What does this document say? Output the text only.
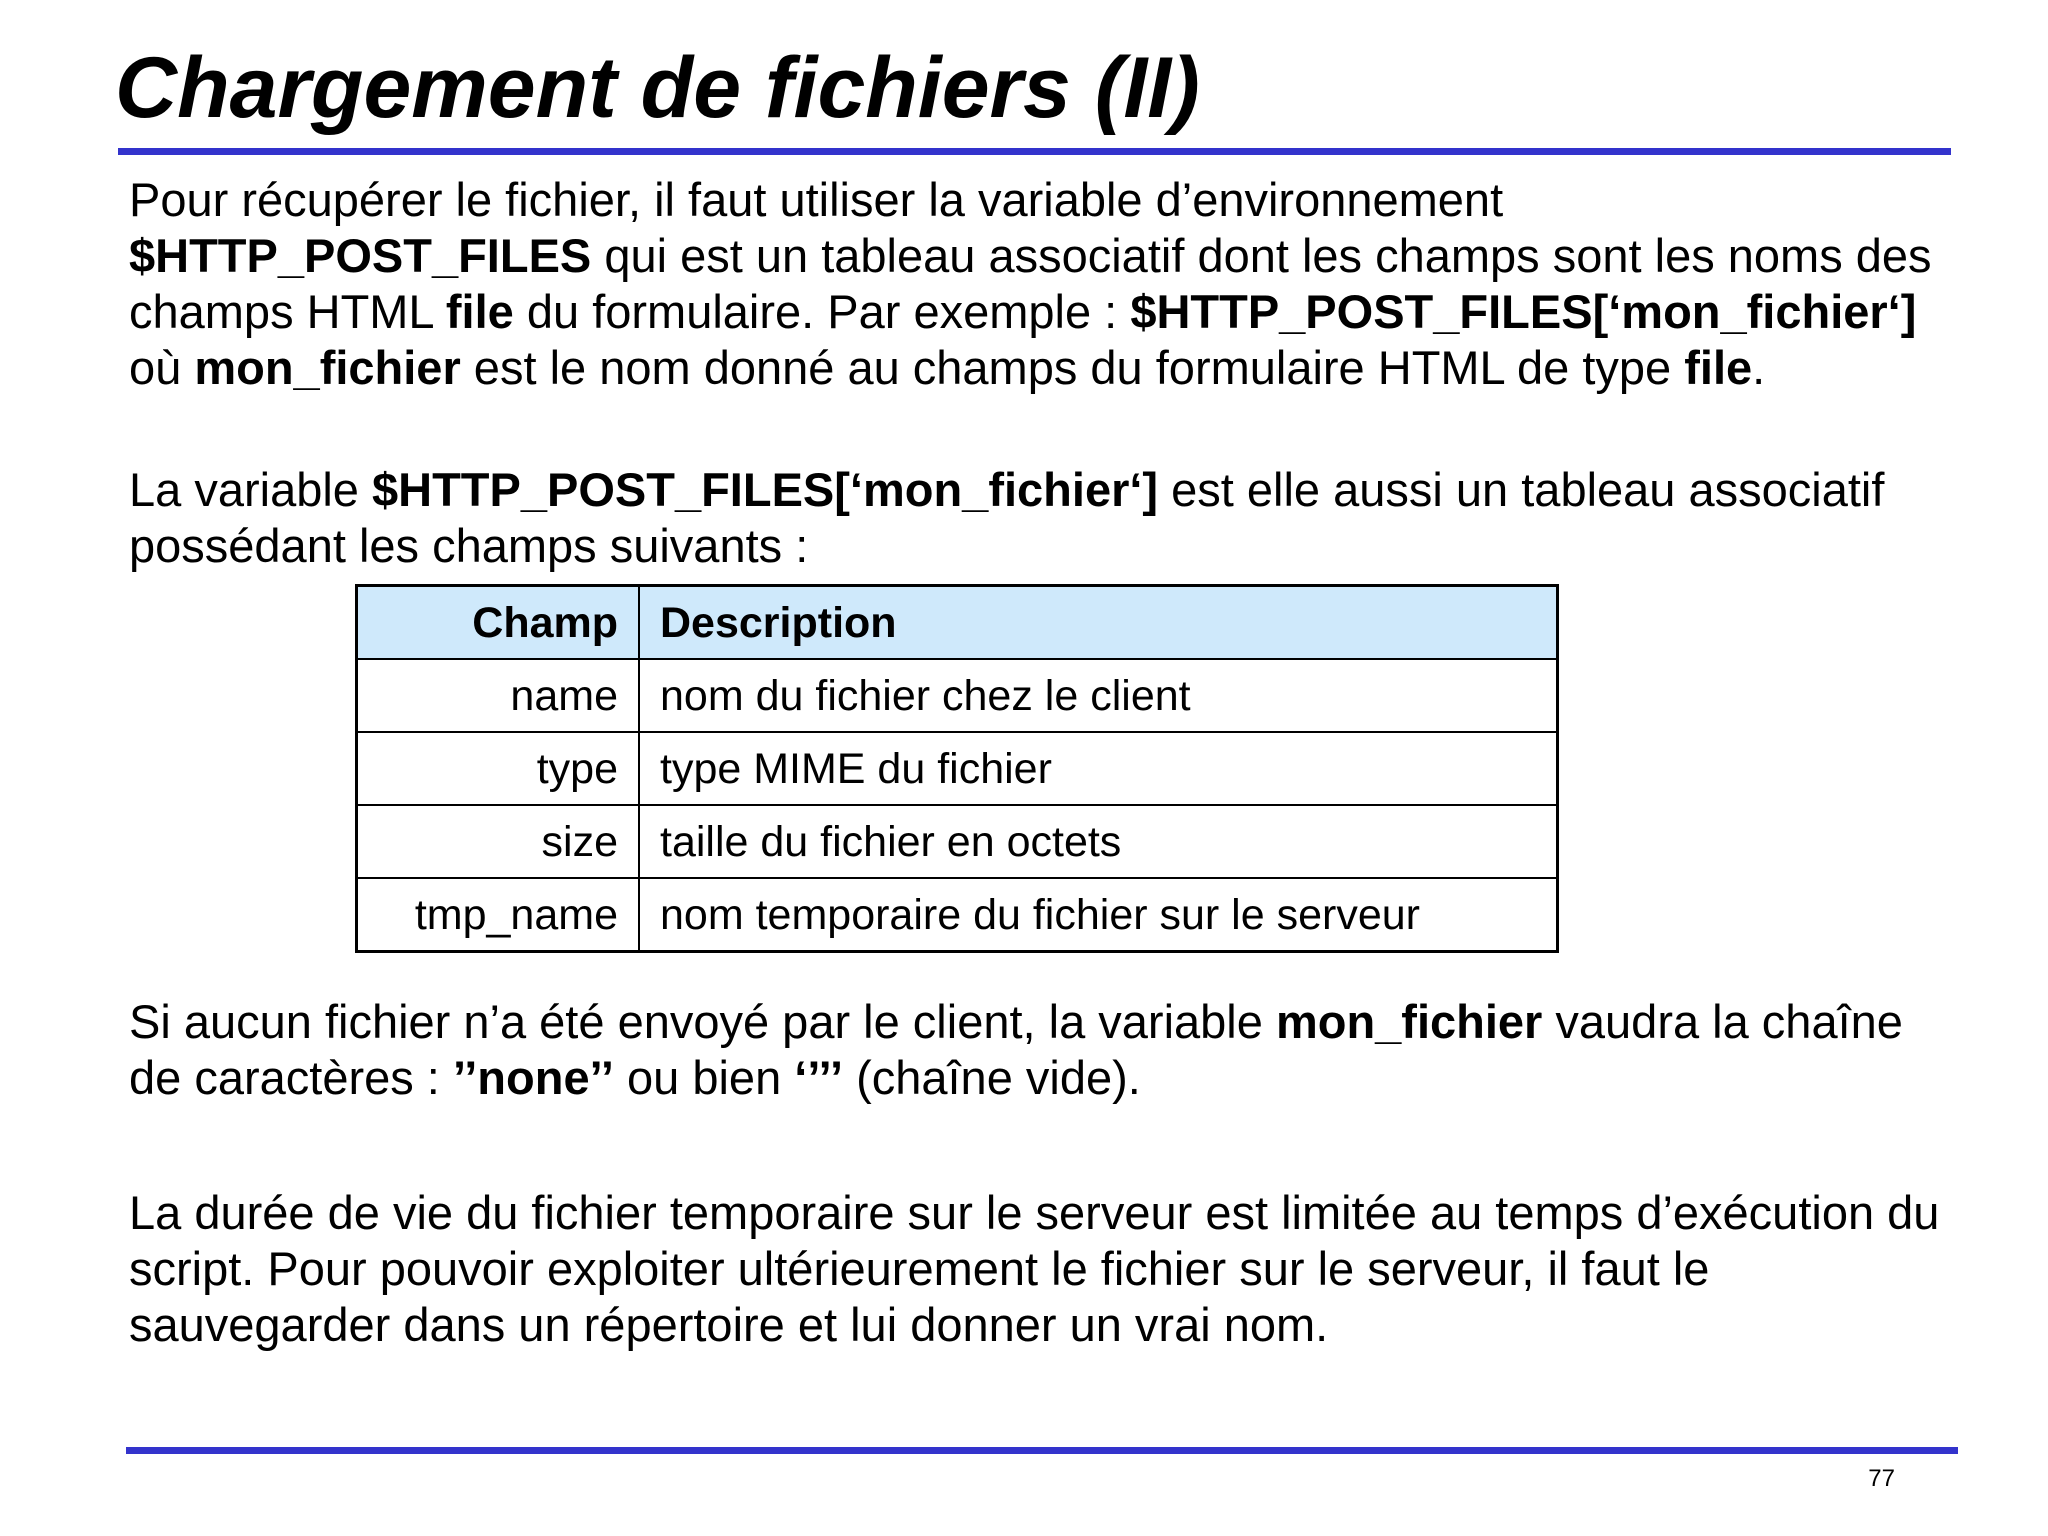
Chargement de fichiers (II)

Pour récupérer le fichier, il faut utiliser la variable d’environnement $HTTP_POST_FILES qui est un tableau associatif dont les champs sont les noms des champs HTML file du formulaire. Par exemple : $HTTP_POST_FILES[‘mon_fichier‘] où mon_fichier est le nom donné au champs du formulaire HTML de type file.

La variable $HTTP_POST_FILES[‘mon_fichier‘] est elle aussi un tableau associatif possédant les champs suivants :

Champ	Description
name	nom du fichier chez le client
type	type MIME du fichier
size	taille du fichier en octets
tmp_name	nom temporaire du fichier sur le serveur

Si aucun fichier n’a été envoyé par le client, la variable mon_fichier vaudra la chaîne de caractères : ’’none’’ ou bien ‘’’’ (chaîne vide).

La durée de vie du fichier temporaire sur le serveur est limitée au temps d’exécution du script. Pour pouvoir exploiter ultérieurement le fichier sur le serveur, il faut le sauvegarder dans un répertoire et lui donner un vrai nom.

77
